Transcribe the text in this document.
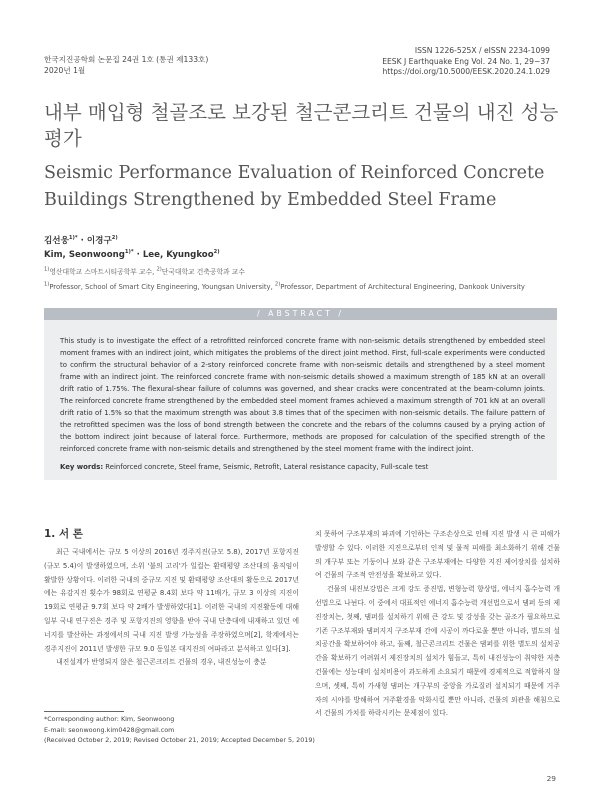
한국지진공학회 논문집 24권 1호 (통권 제133호)
2020년 1월
ISSN 1226-525X / eISSN 2234-1099
EESK J Earthquake Eng Vol. 24 No. 1, 29~37
https://doi.org/10.5000/EESK.2020.24.1.029
내부 매입형 철골조로 보강된 철근콘크리트 건물의 내진 성능평가
Seismic Performance Evaluation of Reinforced Concrete Buildings Strengthened by Embedded Steel Frame
김선웅$^{1)*}$ · 이경구$^{2)}$
Kim, Seonwoong$^{1)*}$ · Lee, Kyungkoo$^{2)}$
$^{1)}$영산대학교 스마트시티공학부 교수, $^{2)}$단국대학교 건축공학과 교수
$^{1)}$Professor, School of Smart City Engineering, Youngsan University, $^{2)}$Professor, Department of Architectural Engineering, Dankook University
/ ABSTRACT /
This study is to investigate the effect of a retrofitted reinforced concrete frame with non-seismic details strengthened by embedded steel moment frames with an indirect joint, which mitigates the problems of the direct joint method. First, full-scale experiments were conducted to confirm the structural behavior of a 2-story reinforced concrete frame with non-seismic details and strengthened by a steel moment frame with an indirect joint. The reinforced concrete frame with non-seismic details showed a maximum strength of 185 kN at an overall drift ratio of 1.75%. The flexural-shear failure of columns was governed, and shear cracks were concentrated at the beam-column joints. The reinforced concrete frame strengthened by the embedded steel moment frames achieved a maximum strength of 701 kN at an overall drift ratio of 1.5% so that the maximum strength was about 3.8 times that of the specimen with non-seismic details. The failure pattern of the retrofitted specimen was the loss of bond strength between the concrete and the rebars of the columns caused by a prying action of the bottom indirect joint because of lateral force. Furthermore, methods are proposed for calculation of the specified strength of the reinforced concrete frame with non-seismic details and strengthened by the steel moment frame with the indirect joint.
Key words: Reinforced concrete, Steel frame, Seismic, Retrofit, Lateral resistance capacity, Full-scale test
1. 서 론

최근 국내에서는 규모 5 이상의 2016년 경주지진(규모 5.8), 2017년 포항지진(규모 5.4)이 발생하였으며, 소위 '불의 고리'가 일컬는 환태평양 조산대의 움직임이 활발한 상황이다. 이러한 국내의 중규모 지진 및 환태평양 조산대의 활동으로 2017년에는 유감지진 횟수가 98회로 연평균 8.4회 보다 약 11배가, 규모 3 이상의 지진이 19회로 연평균 9.7회 보다 약 2배가 발생하였다[1]. 이러한 국내의 지진활동에 대해 일부 국내 연구진은 경주 및 포항지진의 영향을 받아 국내 단층대에 내재하고 있던 에너지를 발산하는 과정에서의 국내 지진 발생 가능성을 주장하였으며[2], 학계에서는 경주지진이 2011년 발생한 규모 9.0 동일본 대지진의 여파라고 분석하고 있다[3].

내진설계가 반영되지 않은 철근콘크리트 건물의 경우, 내진성능이 충분

치 못하여 구조부재의 파괴에 기인하는 구조손상으로 인해 지진 발생 시 큰 피해가 발생할 수 있다. 이러한 지진으로부터 인적 및 물적 피해를 최소화하기 위해 건물의 개구부 또는 기둥이나 보와 같은 구조부재에는 다양한 지진 제어장치를 설치하여 건물의 구조적 안전성을 확보하고 있다.

건물의 내진보강법은 크게 강도 증진법, 변형능력 향상법, 에너지 흡수능력 개선법으로 나뉜다. 이 중에서 대표적인 에너지 흡수능력 개선법으로서 댐퍼 등의 제진장치는, 첫째, 댐퍼를 설치하기 위해 큰 강도 및 강성을 갖는 골조가 필요하므로 기존 구조부재와 댐퍼지지 구조부재 간에 시공이 까다로울 뿐만 아니라, 별도의 설치공간을 확보하여야 하고, 둘째, 철근콘크리트 건물은 댐퍼를 위한 별도의 설치공간을 확보하기 어려워서 제진장치의 설치가 힘들고, 특히 내진성능이 취약한 저층건물에는 성능대비 설치비용이 과도하게 소요되기 때문에 경제적으로 적합하지 않으며, 셋째, 특히 가새형 댐퍼는 개구부의 중앙을 가로질러 설치되기 때문에 거주자의 시야를 방해하여 거주환경을 악화시킬 뿐만 아니라, 건물의 외관을 해침으로서 건물의 가치를 하락시키는 문제점이 있다.

*Corresponding author: Kim, Seonwoong
E-mail: seonwoong.kim0428@gmail.com
(Received October 2, 2019; Revised October 21, 2019; Accepted December 5, 2019)
29
